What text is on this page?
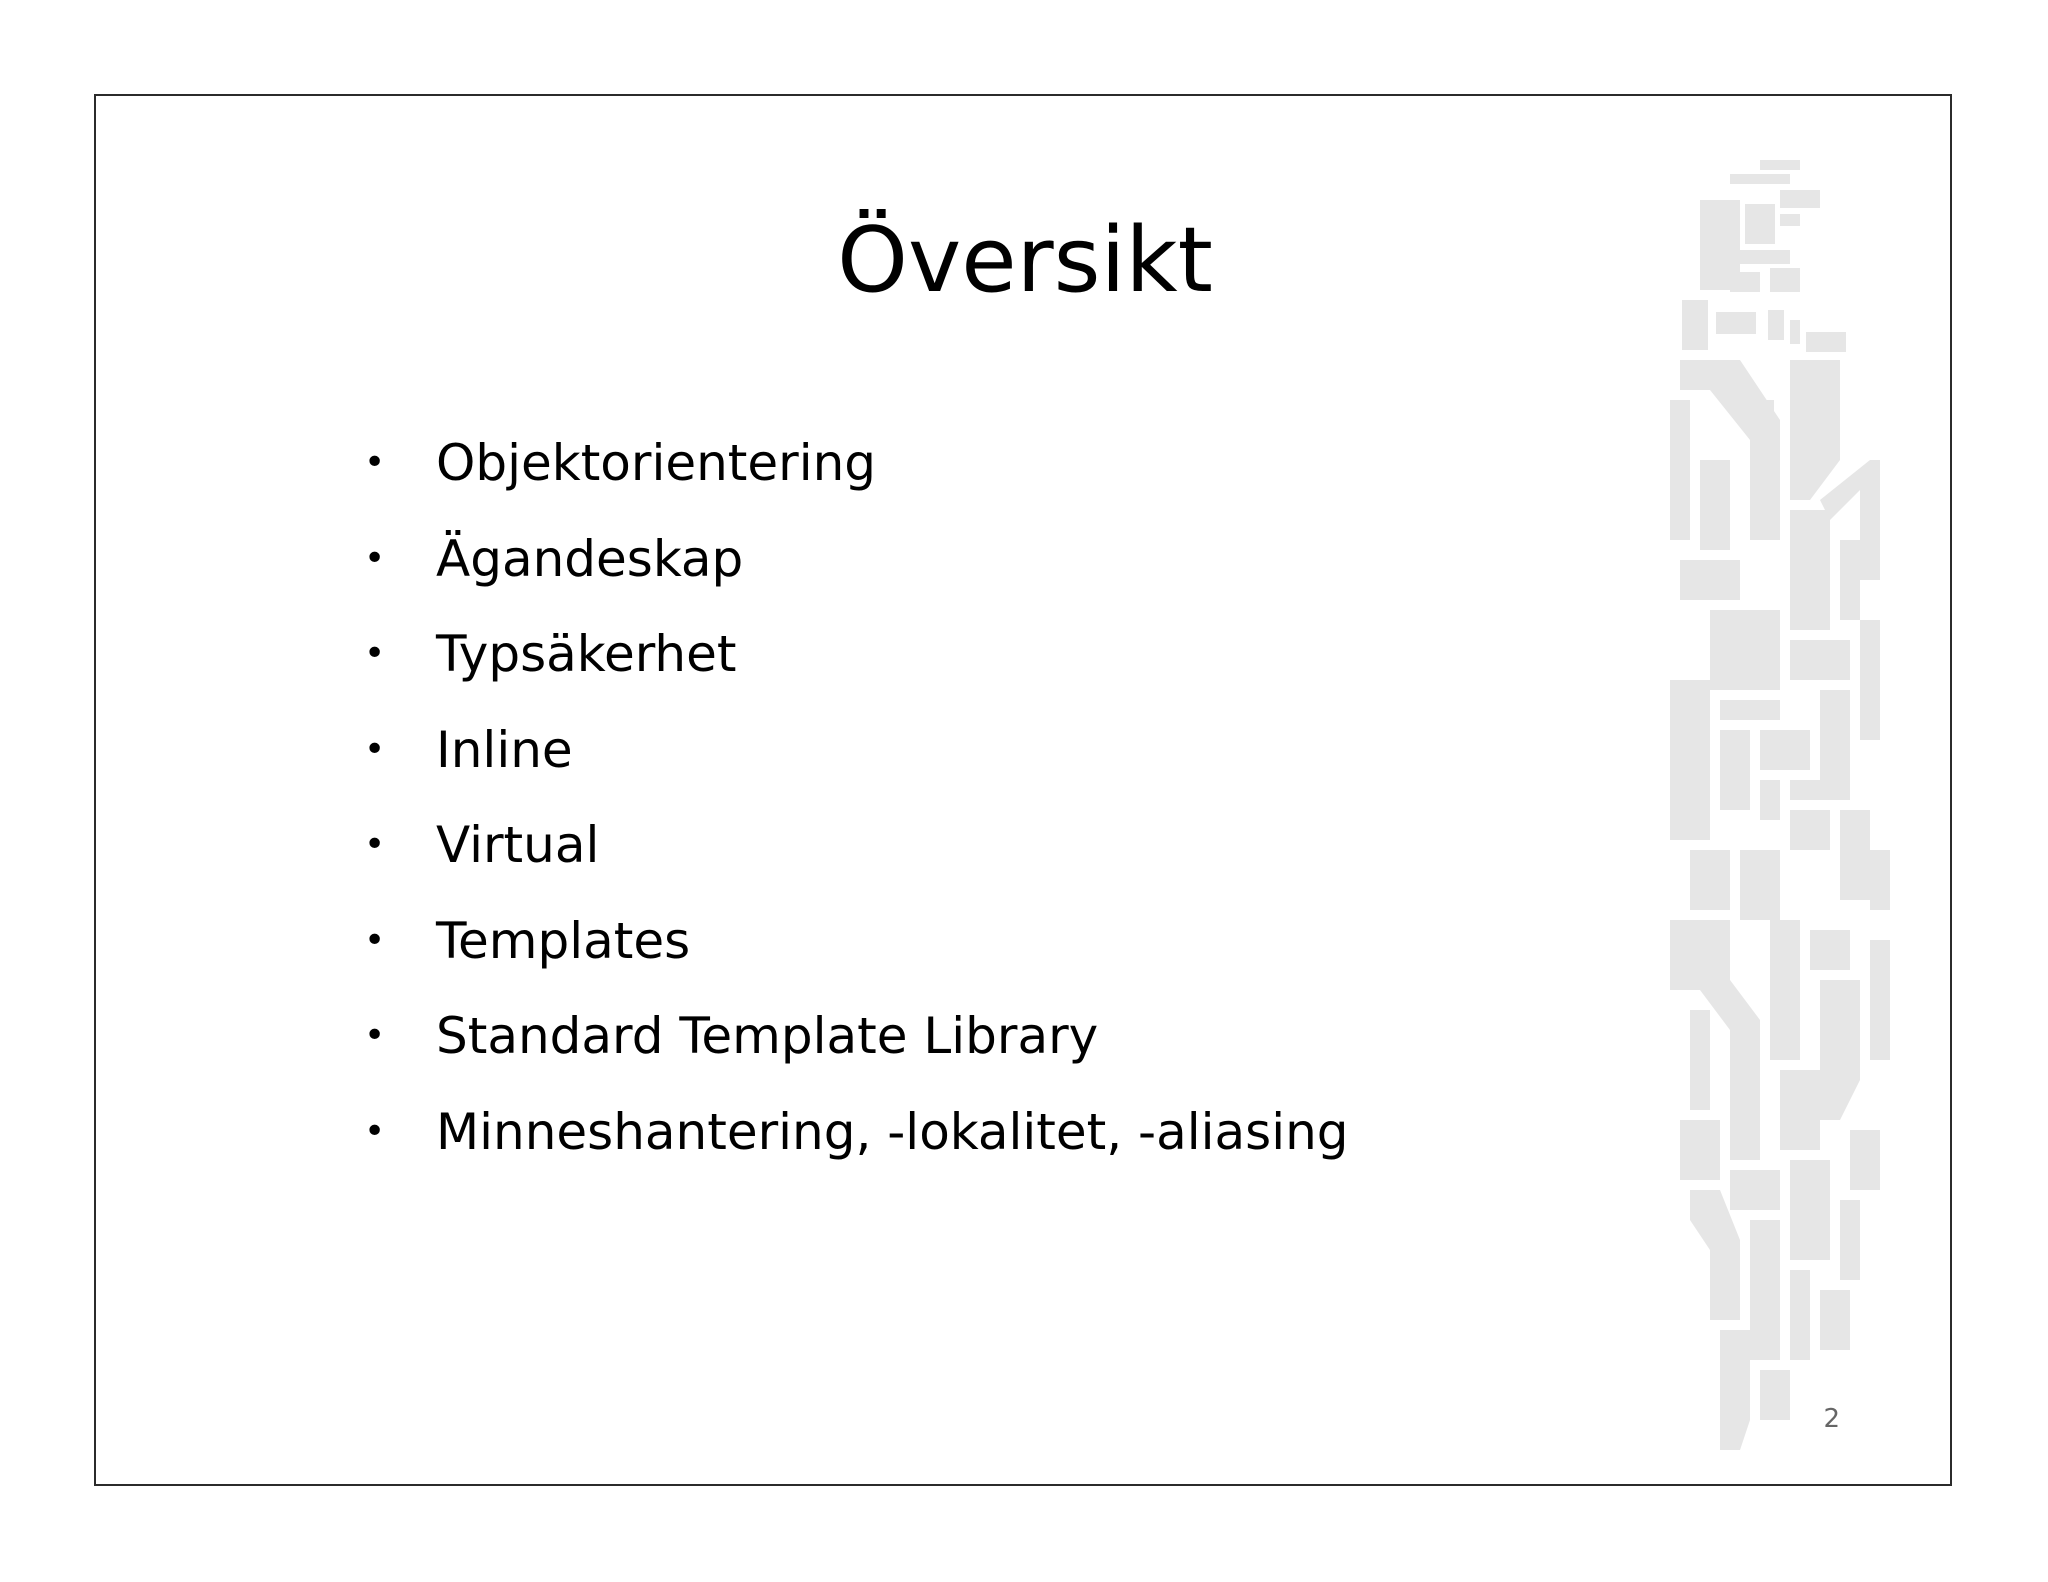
Översikt
•	Objektorientering
•	Ägandeskap
•	Typsäkerhet
•	Inline
•	Virtual
•	Templates
•	Standard Template Library
•	Minneshantering, -lokalitet, -aliasing
2
